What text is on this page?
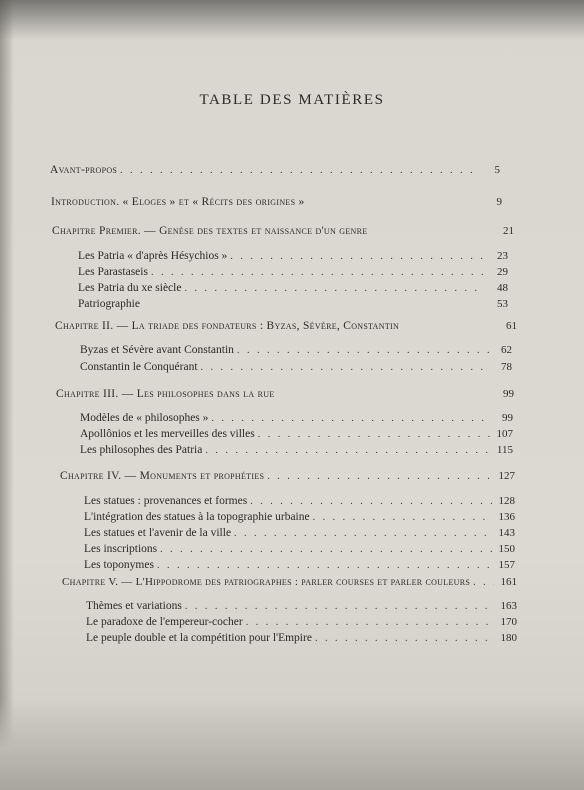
TABLE DES MATIÈRES
Avant-propos . . .	5
Introduction. « Eloges » et « Récits des origines »	9
Chapitre Premier. — Genèse des textes et naissance d'un genre	21
Les Patria « d'après Hésychios » . . .	23
Les Parastaseis . . .	29
Les Patria du xe siècle . . .	48
Patriographie	53
Chapitre II. — La triade des fondateurs : Byzas, Sévère, Constantin	61
Byzas et Sévère avant Constantin . . .	62
Constantin le Conquérant . . .	78
Chapitre III. — Les philosophes dans la rue	99
Modèles de « philosophes » . . .	99
Apollônios et les merveilles des villes . . .	107
Les philosophes des Patria . . .	115
Chapitre IV. — Monuments et prophéties . . .	127
Les statues : provenances et formes . . .	128
L'intégration des statues à la topographie urbaine . . .	136
Les statues et l'avenir de la ville . . .	143
Les inscriptions . . .	150
Les toponymes . . .	157
Chapitre V. — L'Hippodrome des patriographes : parler courses et parler couleurs . . .	161
Thèmes et variations . . .	163
Le paradoxe de l'empereur-cocher . . .	170
Le peuple double et la compétition pour l'Empire . . .	180
